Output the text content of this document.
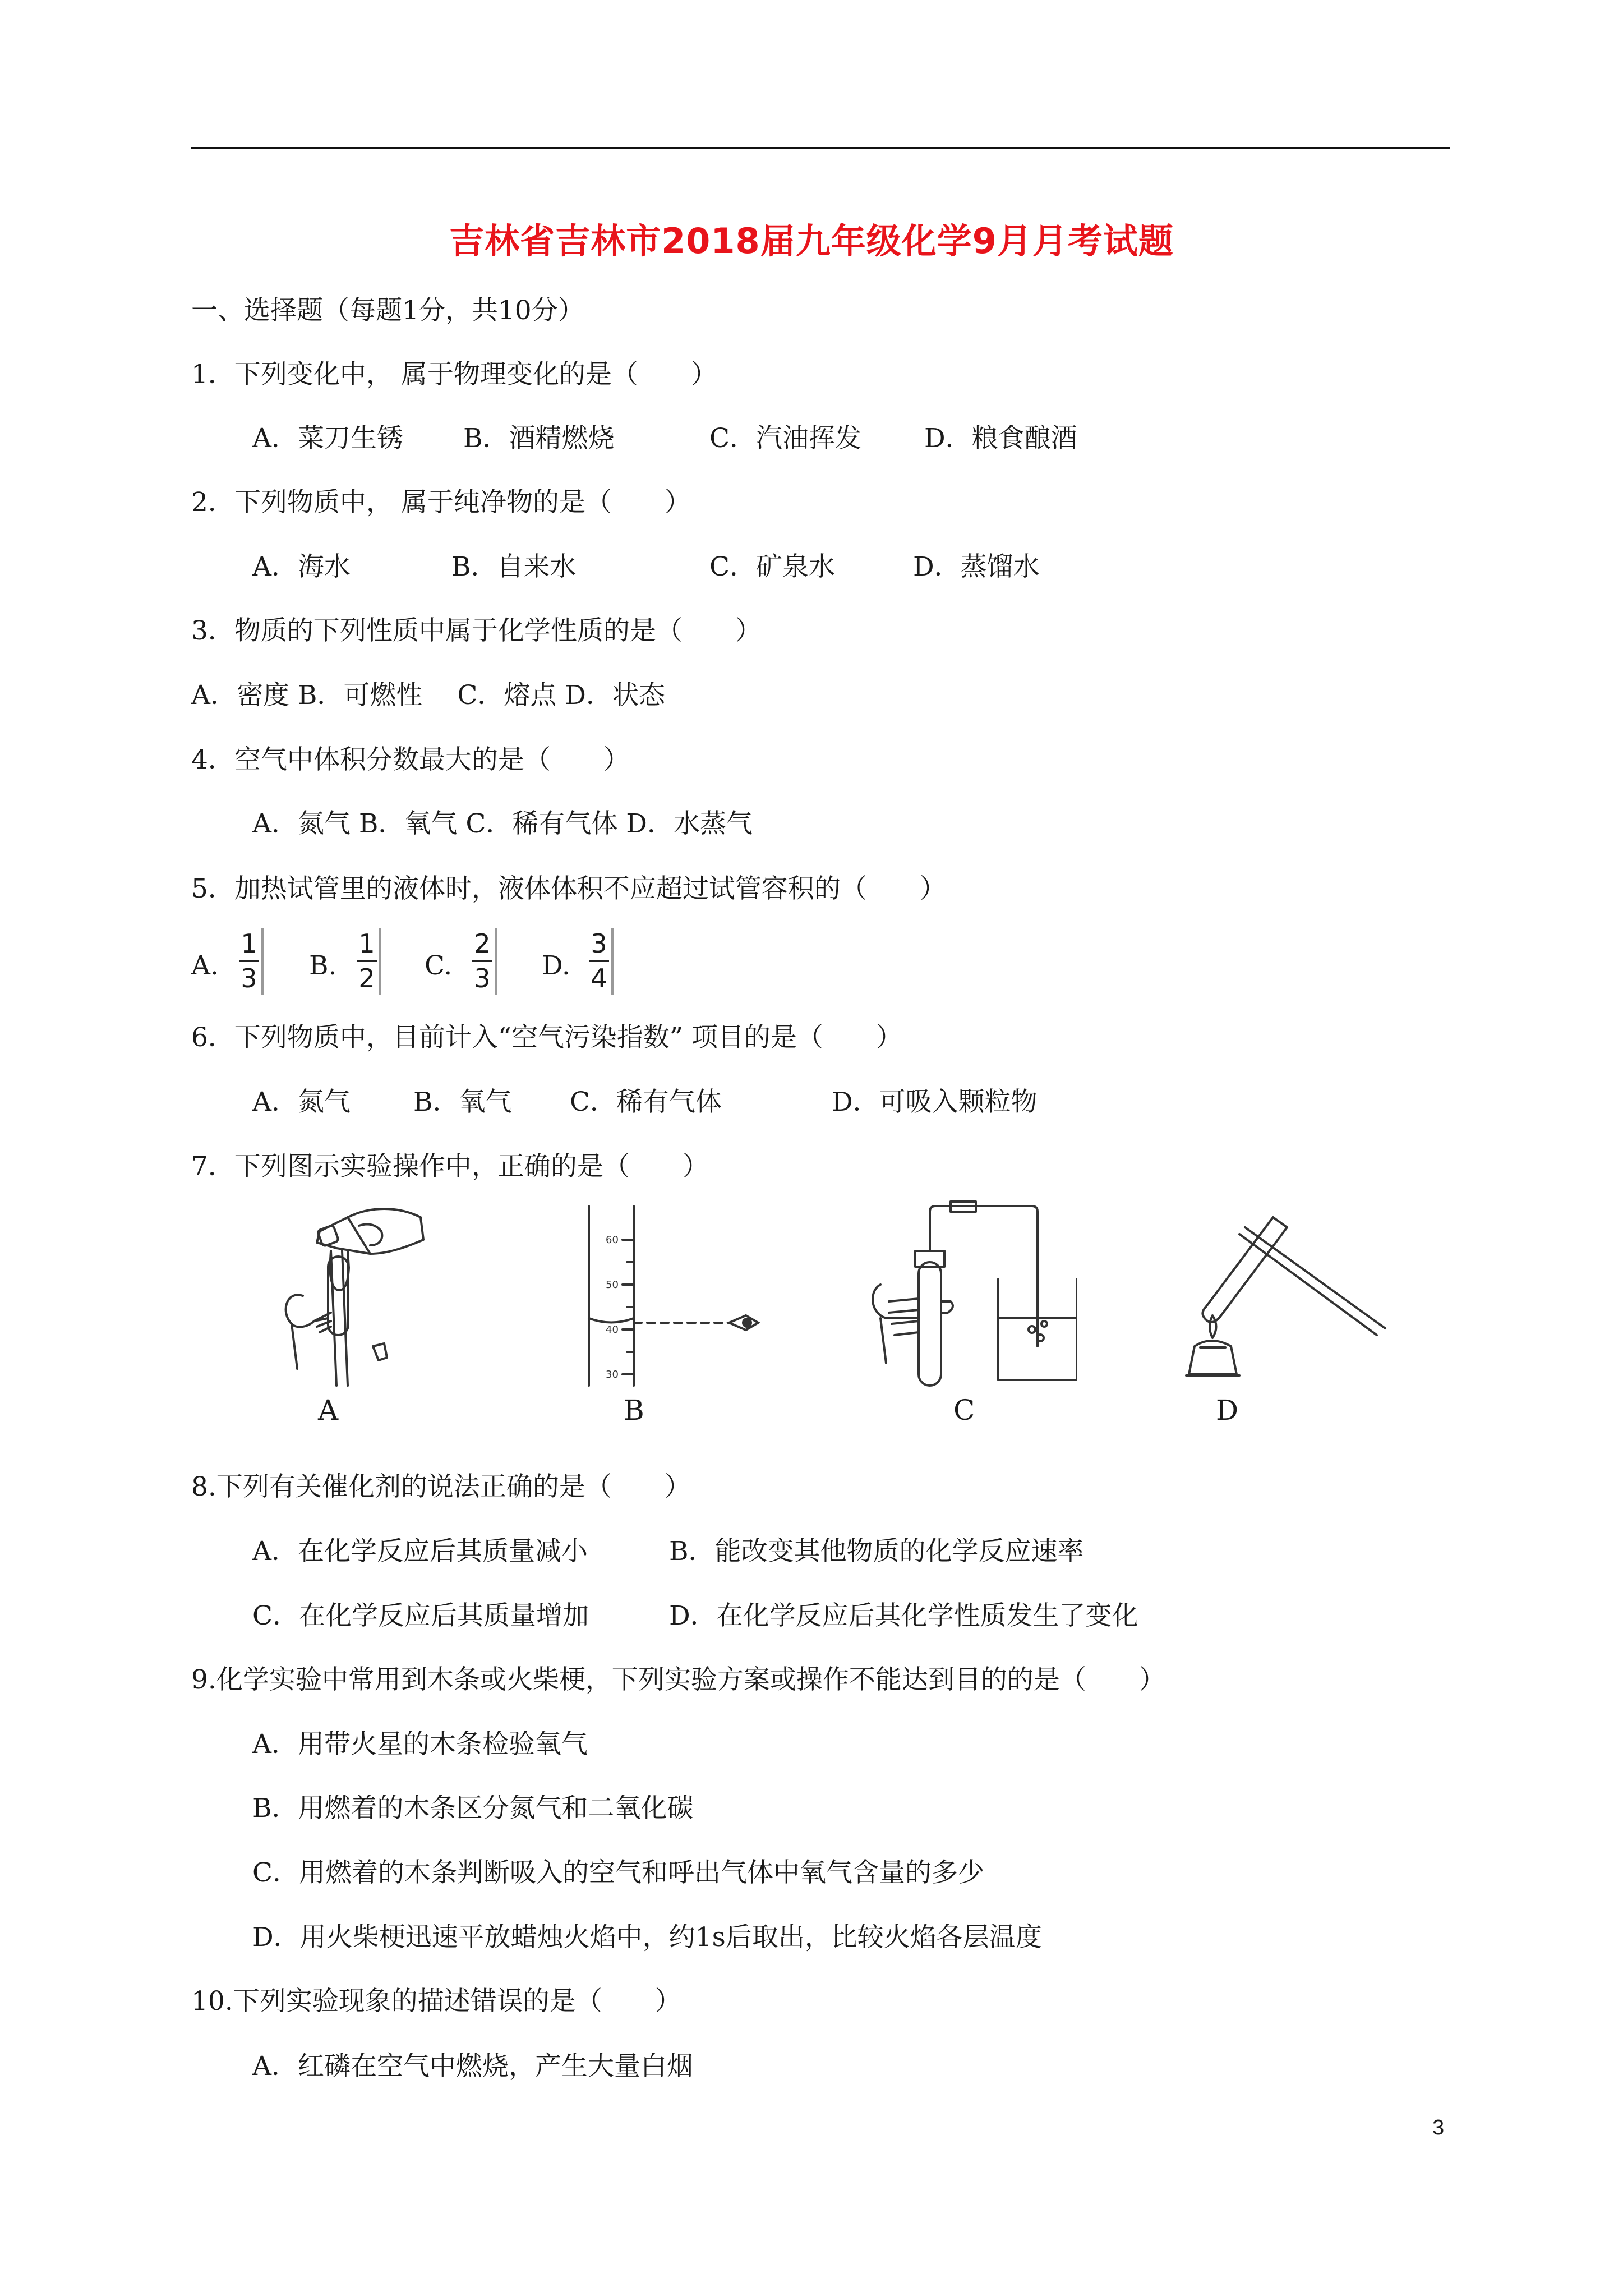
吉林省吉林市2018届九年级化学9月月考试题
一、选择题（每题1分，共10分）
1．下列变化中， 属于物理变化的是（　　）
A．菜刀生锈 B．酒精燃烧	C．汽油挥发 D．粮食酿酒
2．下列物质中， 属于纯净物的是（　　）
A．海水	B．自来水	C．矿泉水	D．蒸馏水
3．物质的下列性质中属于化学性质的是（　　）
A．密度 B．可燃性　 C．熔点 D．状态
4．空气中体积分数最大的是（　　）
A．氮气 B．氧气 C．稀有气体 D．水蒸气
5．加热试管里的液体时，液体体积不应超过试管容积的（　　）
A.
1
3 B.
1
2 C.
2
3 D.
3
4
6．下列物质中，目前计入“空气污染指数” 项目的是（　　）
A．氮气 B．氧气 C．稀有气体	D．可吸入颗粒物
7．下列图示实验操作中，正确的是（　　）
A
60
50
40
30
B	C	D
8.下列有关催化剂的说法正确的是（　　）
A．在化学反应后其质量减小	B．能改变其他物质的化学反应速率
C．在化学反应后其质量增加	D．在化学反应后其化学性质发生了变化
9.化学实验中常用到木条或火柴梗，下列实验方案或操作不能达到目的的是（　　）
A．用带火星的木条检验氧气
B．用燃着的木条区分氮气和二氧化碳
C．用燃着的木条判断吸入的空气和呼出气体中氧气含量的多少
D．用火柴梗迅速平放蜡烛火焰中，约1s后取出，比较火焰各层温度
10.下列实验现象的描述错误的是（　　）
A．红磷在空气中燃烧，产生大量白烟
3
